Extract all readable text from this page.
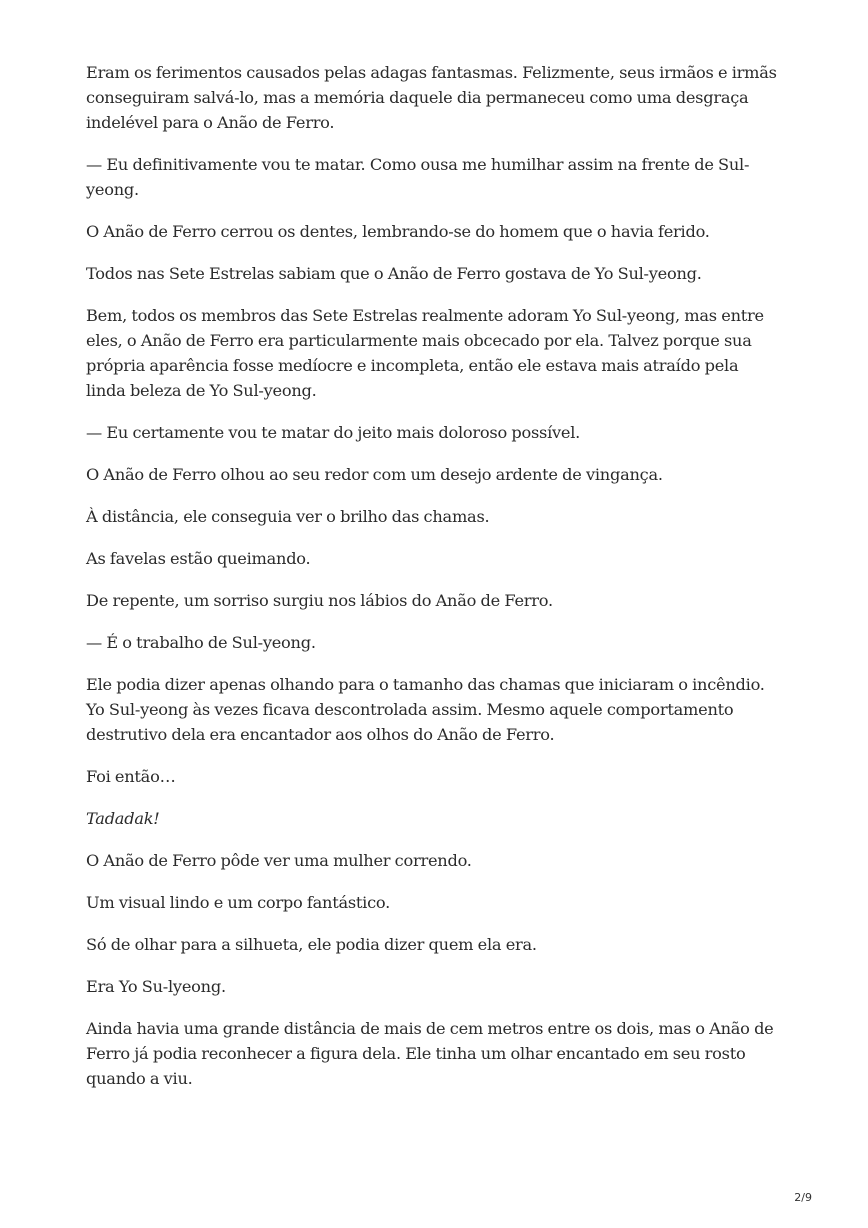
Eram os ferimentos causados pelas adagas fantasmas. Felizmente, seus irmãos e irmãs conseguiram salvá-lo, mas a memória daquele dia permaneceu como uma desgraça indelével para o Anão de Ferro.

— Eu definitivamente vou te matar. Como ousa me humilhar assim na frente de Sul-yeong.

O Anão de Ferro cerrou os dentes, lembrando-se do homem que o havia ferido.

Todos nas Sete Estrelas sabiam que o Anão de Ferro gostava de Yo Sul-yeong.

Bem, todos os membros das Sete Estrelas realmente adoram Yo Sul-yeong, mas entre eles, o Anão de Ferro era particularmente mais obcecado por ela. Talvez porque sua própria aparência fosse medíocre e incompleta, então ele estava mais atraído pela linda beleza de Yo Sul-yeong.

— Eu certamente vou te matar do jeito mais doloroso possível.

O Anão de Ferro olhou ao seu redor com um desejo ardente de vingança.

À distância, ele conseguia ver o brilho das chamas.

As favelas estão queimando.

De repente, um sorriso surgiu nos lábios do Anão de Ferro.

— É o trabalho de Sul-yeong.

Ele podia dizer apenas olhando para o tamanho das chamas que iniciaram o incêndio. Yo Sul-yeong às vezes ficava descontrolada assim. Mesmo aquele comportamento destrutivo dela era encantador aos olhos do Anão de Ferro.

Foi então…

Tadadak!

O Anão de Ferro pôde ver uma mulher correndo.

Um visual lindo e um corpo fantástico.

Só de olhar para a silhueta, ele podia dizer quem ela era.

Era Yo Su-lyeong.

Ainda havia uma grande distância de mais de cem metros entre os dois, mas o Anão de Ferro já podia reconhecer a figura dela. Ele tinha um olhar encantado em seu rosto quando a viu.

2/9
